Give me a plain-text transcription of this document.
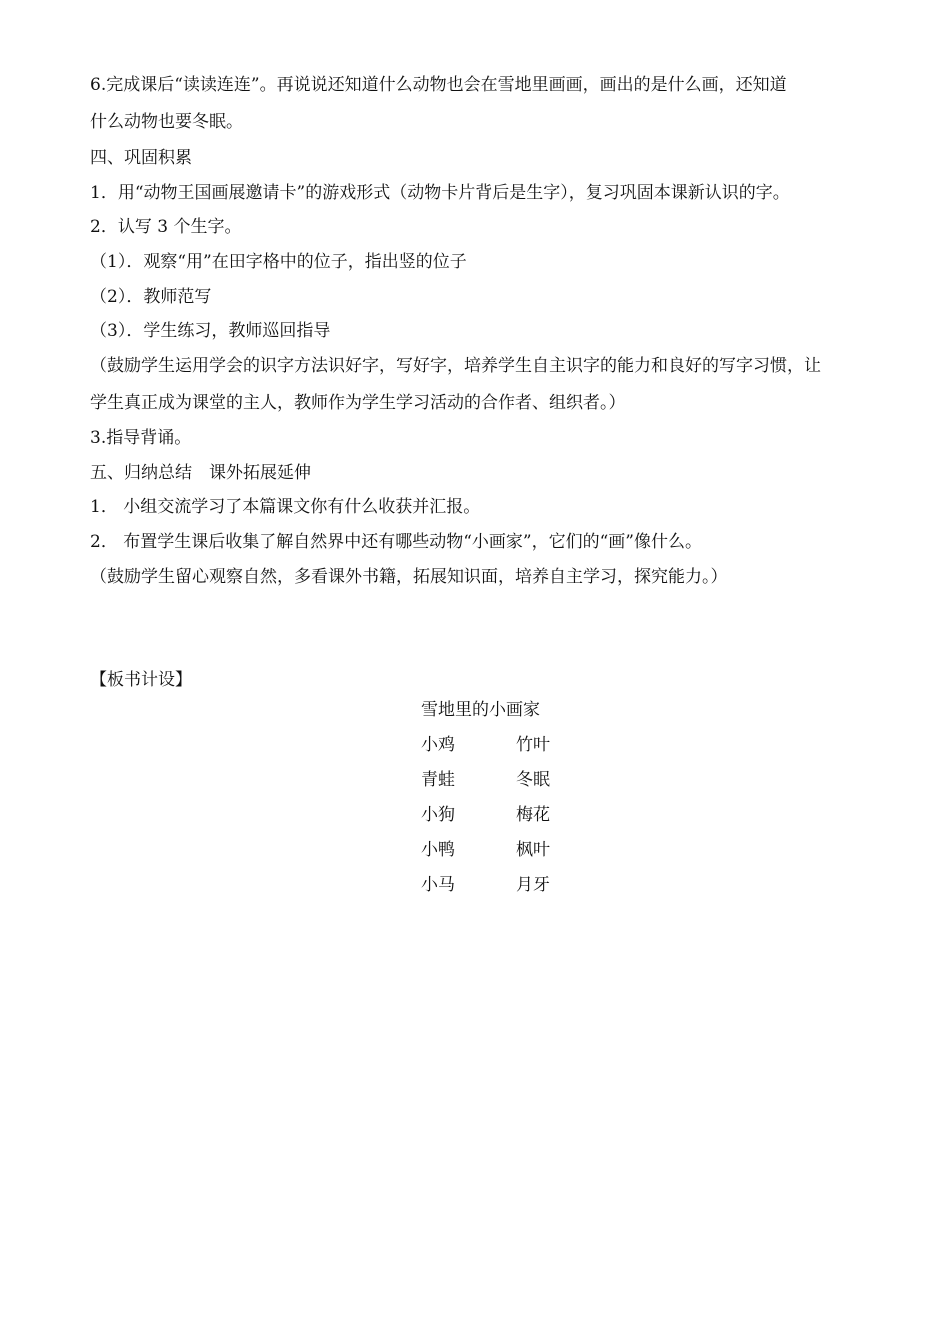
6.完成课后“读读连连”。再说说还知道什么动物也会在雪地里画画，画出的是什么画，还知道
什么动物也要冬眠。
四、巩固积累
1．用“动物王国画展邀请卡”的游戏形式（动物卡片背后是生字），复习巩固本课新认识的字。
2．认写 3 个生字。
（1）．观察“用”在田字格中的位子，指出竖的位子
（2）．教师范写
（3）．学生练习，教师巡回指导
（鼓励学生运用学会的识字方法识好字，写好字，培养学生自主识字的能力和良好的写字习惯，让
学生真正成为课堂的主人，教师作为学生学习活动的合作者、组织者。）
3.指导背诵。
五、归纳总结　课外拓展延伸
1． 小组交流学习了本篇课文你有什么收获并汇报。
2． 布置学生课后收集了解自然界中还有哪些动物“小画家”，它们的“画”像什么。
（鼓励学生留心观察自然，多看课外书籍，拓展知识面，培养自主学习，探究能力。）
【板书计设】
雪地里的小画家
小鸡	竹叶
青蛙	冬眠
小狗	梅花
小鸭	枫叶
小马	月牙
